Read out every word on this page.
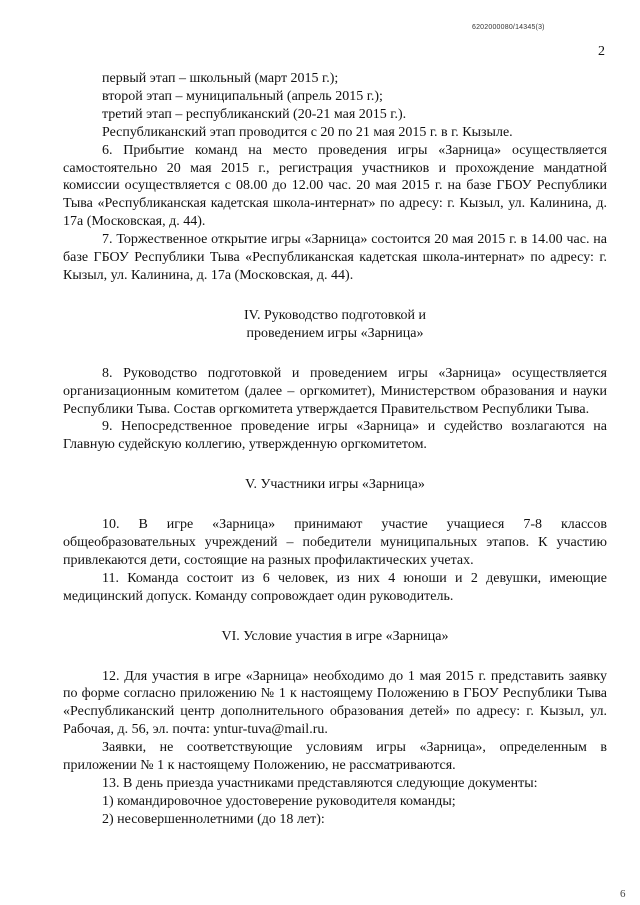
6202000080/14345(3)
2

первый этап – школьный (март 2015 г.);

второй этап – муниципальный (апрель 2015 г.);

третий этап – республиканский (20-21 мая 2015 г.).

Республиканский этап проводится с 20 по 21 мая 2015 г. в г. Кызыле.

6. Прибытие команд на место проведения игры «Зарница» осуществляется самостоятельно 20 мая 2015 г., регистрация участников и прохождение мандатной комиссии осуществляется с 08.00 до 12.00 час. 20 мая 2015 г. на базе ГБОУ Республики Тыва «Республиканская кадетская школа-интернат» по адресу: г. Кызыл, ул. Калинина, д. 17а (Московская, д. 44).

7. Торжественное открытие игры «Зарница» состоится 20 мая 2015 г. в 14.00 час. на базе ГБОУ Республики Тыва «Республиканская кадетская школа-интернат» по адресу: г. Кызыл, ул. Калинина, д. 17а (Московская, д. 44).

IV. Руководство подготовкой и

проведением игры «Зарница»

8. Руководство подготовкой и проведением игры «Зарница» осуществляется организационным комитетом (далее – оргкомитет), Министерством образования и науки Республики Тыва. Состав оргкомитета утверждается Правительством Республики Тыва.

9. Непосредственное проведение игры «Зарница» и судейство возлагаются на Главную судейскую коллегию, утвержденную оргкомитетом.

V. Участники игры «Зарница»

10. В игре «Зарница» принимают участие учащиеся 7-8 классов общеобразовательных учреждений – победители муниципальных этапов. К участию привлекаются дети, состоящие на разных профилактических учетах.

11. Команда состоит из 6 человек, из них 4 юноши и 2 девушки, имеющие медицинский допуск. Команду сопровождает один руководитель.

VI. Условие участия в игре «Зарница»

12. Для участия в игре «Зарница» необходимо до 1 мая 2015 г. представить заявку по форме согласно приложению № 1 к настоящему Положению в ГБОУ Республики Тыва «Республиканский центр дополнительного образования детей» по адресу: г. Кызыл, ул. Рабочая, д. 56, эл. почта: yntur-tuva@mail.ru.

Заявки, не соответствующие условиям игры «Зарница», определенным в приложении № 1 к настоящему Положению, не рассматриваются.

13. В день приезда участниками представляются следующие документы:

1) командировочное удостоверение руководителя команды;

2) несовершеннолетними (до 18 лет):

6
